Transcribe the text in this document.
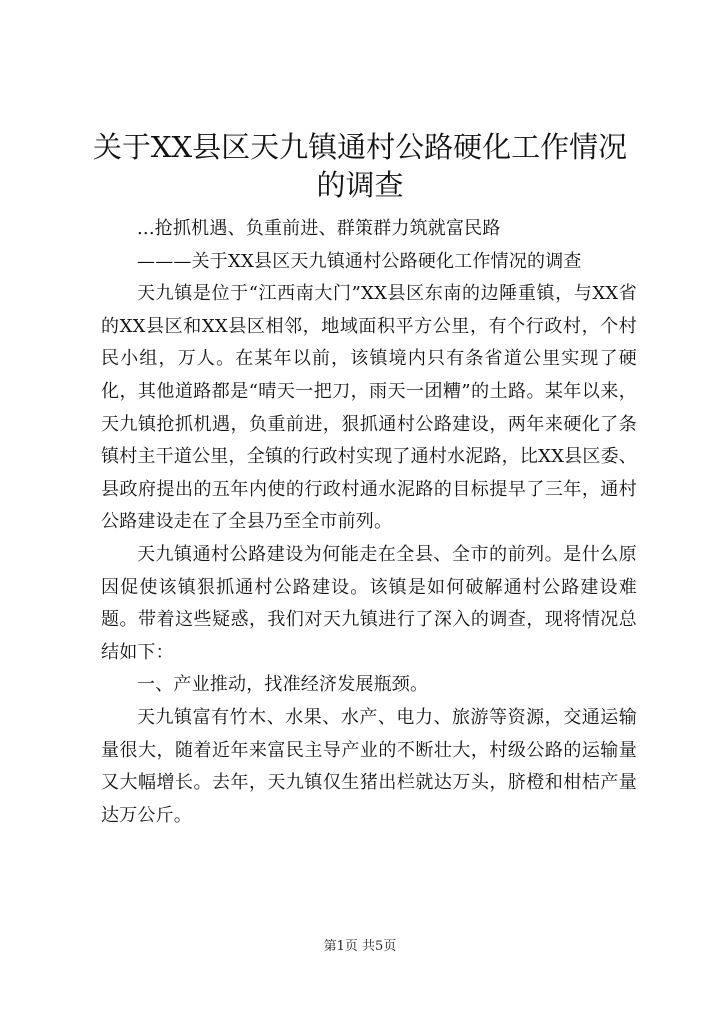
关于XX县区天九镇通村公路硬化工作情况的调查

...抢抓机遇、负重前进、群策群力筑就富民路

———关于XX县区天九镇通村公路硬化工作情况的调查

天九镇是位于“江西南大门”XX县区东南的边陲重镇，与XX省的XX县区和XX县区相邻，地域面积平方公里，有个行政村，个村民小组，万人。在某年以前，该镇境内只有条省道公里实现了硬化，其他道路都是“晴天一把刀，雨天一团糟”的土路。某年以来，天九镇抢抓机遇，负重前进，狠抓通村公路建设，两年来硬化了条镇村主干道公里，全镇的行政村实现了通村水泥路，比XX县区委、县政府提出的五年内使的行政村通水泥路的目标提早了三年，通村公路建设走在了全县乃至全市前列。

天九镇通村公路建设为何能走在全县、全市的前列。是什么原因促使该镇狠抓通村公路建设。该镇是如何破解通村公路建设难题。带着这些疑惑，我们对天九镇进行了深入的调查，现将情况总结如下：

一、产业推动，找准经济发展瓶颈。

天九镇富有竹木、水果、水产、电力、旅游等资源，交通运输量很大，随着近年来富民主导产业的不断壮大，村级公路的运输量又大幅增长。去年，天九镇仅生猪出栏就达万头，脐橙和柑桔产量达万公斤。

第1页 共5页
